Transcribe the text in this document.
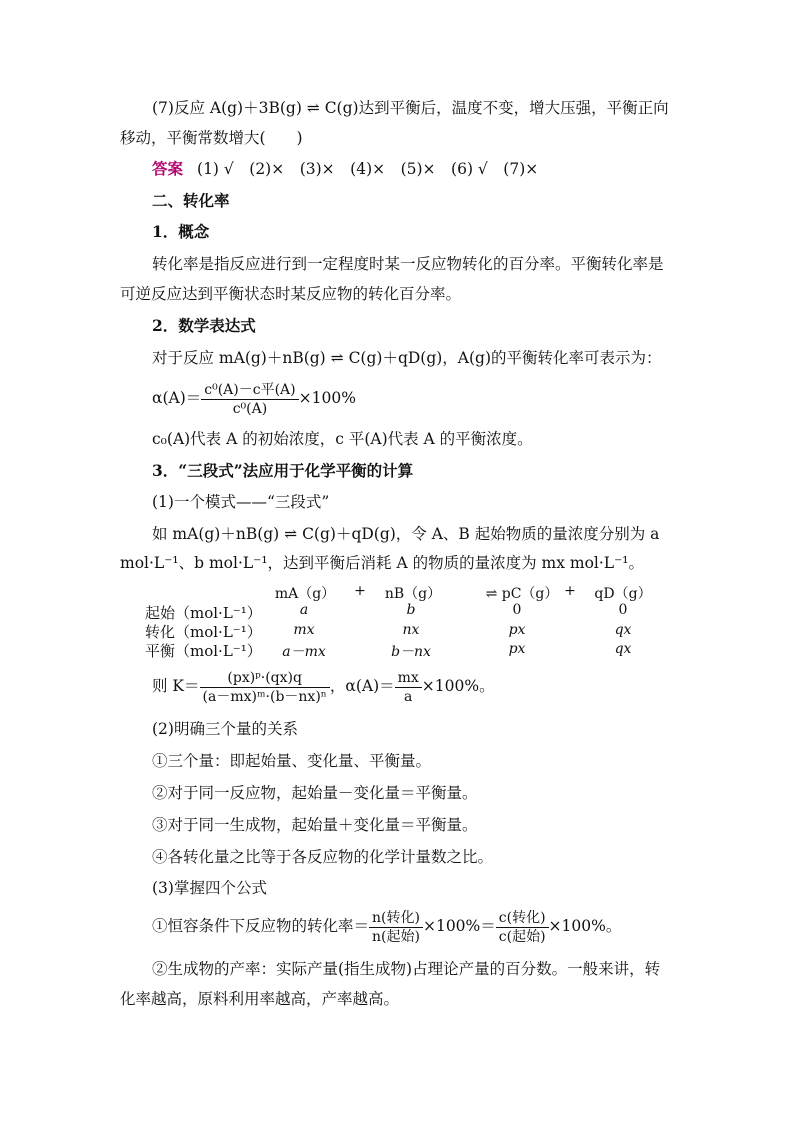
(7)反应 A(g)＋3B(g) ⇌ C(g)达到平衡后，温度不变，增大压强，平衡正向
移动，平衡常数增大(　　)
答案 (1) √　(2)×　(3)×　(4)×　(5)×　(6) √　(7)×
二、转化率
1．概念
转化率是指反应进行到一定程度时某一反应物转化的百分率。平衡转化率是
可逆反应达到平衡状态时某反应物的转化百分率。
2．数学表达式
对于反应 mA(g)＋nB(g) ⇌ C(g)＋qD(g)，A(g)的平衡转化率可表示为：
$\alpha(A)= \frac{\text{c⁰(A)－c平(A)}}{\text{c⁰(A)}} \times 100\%$
c₀(A)代表 A 的初始浓度，c 平(A)代表 A 的平衡浓度。
3．“三段式”法应用于化学平衡的计算
(1)一个模式——“三段式”
如 mA(g)＋nB(g) ⇌ C(g)＋qD(g)，令 A、B 起始物质的量浓度分别为 a
mol·L⁻¹、b mol·L⁻¹，达到平衡后消耗 A 的物质的量浓度为 mx mol·L⁻¹。
mA（g）	+	nB（g）	⇌ pC（g） +	qD（g）
起始（mol·L⁻¹）	a	b	0	0
转化（mol·L⁻¹）	mx	nx	px	qx
平衡（mol·L⁻¹）	a－mx	b－nx	px	qx
则 $K= \frac{\text{(px)ᵖ·(qx)q}}{\text{(a－mx)ᵐ·(b－nx)ⁿ}}$ ，$\alpha(A)= \frac{mx}{a} \times 100\%$。
(2)明确三个量的关系
①三个量：即起始量、变化量、平衡量。
②对于同一反应物，起始量－变化量＝平衡量。
③对于同一生成物，起始量＋变化量＝平衡量。
④各转化量之比等于各反应物的化学计量数之比。
(3)掌握四个公式
①恒容条件下反应物的转化率＝ $\frac{\text{n(转化)}}{\text{n(起始)}} \times 100\%= \frac{\text{c(转化)}}{\text{c(起始)}} \times 100\%$。
②生成物的产率：实际产量(指生成物)占理论产量的百分数。一般来讲，转
化率越高，原料利用率越高，产率越高。
